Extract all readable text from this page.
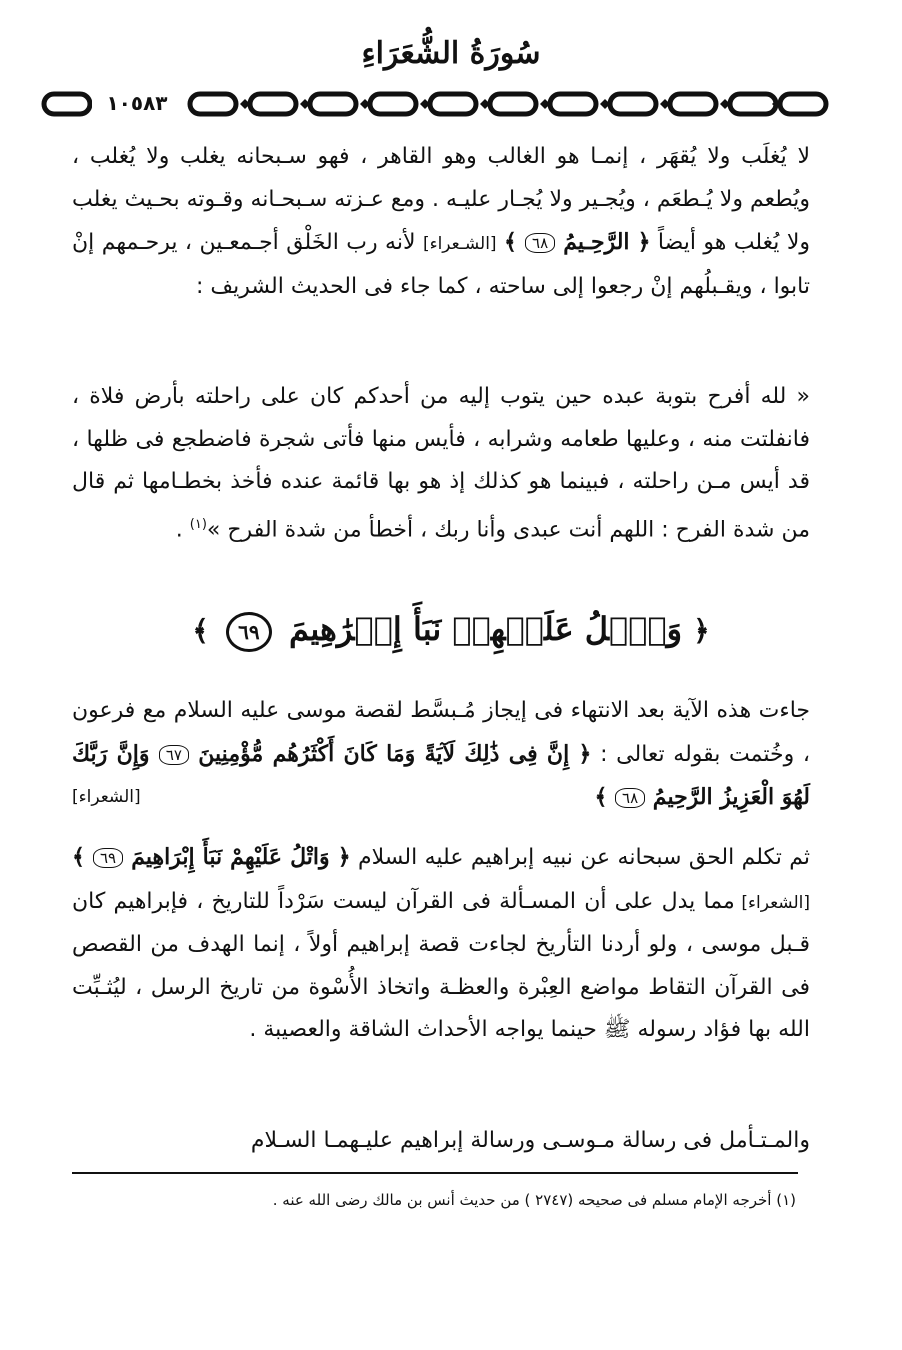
سُورَةُ الشُّعَرَاءِ
١٠٥٨٣

لا يُغلَب ولا يُقهَر ، إنمـا هو الغالب وهو القاهر ، فهو سـبحانه يغلب ولا يُغلب ، ويُطعم ولا يُـطعَم ، ويُجـير ولا يُجـار عليـه . ومع عـزته سـبحـانه وقـوته بحـيث يغلب ولا يُغلب هو أيضاً ﴿ الرَّحِـيمُ ٦٨ ﴾ [الشـعراء] لأنه رب الخَلْق أجـمعـين ، يرحـمهم إنْ تابوا ، ويقـبلُهم إنْ رجعوا إلى ساحته ، كما جاء فى الحديث الشريف :

« لله أفرح بتوبة عبده حين يتوب إليه من أحدكم كان على راحلته بأرض فلاة ، فانفلتت منه ، وعليها طعامه وشرابه ، فأيس منها فأتى شجرة فاضطجع فى ظلها ، قد أيس مـن راحلته ، فبينما هو كذلك إذ هو بها قائمة عنده فأخذ بخطـامها ثم قال من شدة الفرح : اللهم أنت عبدى وأنا ربك ، أخطأ من شدة الفرح »$^{(١)}$ .

﴿ وَٱتۡلُ عَلَيۡهِمۡ نَبَأَ إِبۡرَٰهِيمَ ٦٩ ﴾

جاءت هذه الآية بعد الانتهاء فى إيجاز مُـبسَّط لقصة موسى عليه السلام مع فرعون ، وخُتمت بقوله تعالى : ﴿ إِنَّ فِى ذَٰلِكَ لَآيَةً وَمَا كَانَ أَكْثَرُهُم مُّؤْمِنِينَ ٦٧ وَإِنَّ رَبَّكَ لَهُوَ الْعَزِيزُ الرَّحِيمُ ٦٨ ﴾
[الشعراء]

ثم تكلم الحق سبحانه عن نبيه إبراهيم عليه السلام ﴿ وَاتْلُ عَلَيْهِمْ نَبَأَ إِبْرَاهِيمَ ٦٩ ﴾ [الشعراء] مما يدل على أن المسـألة فى القرآن ليست سَرْداً للتاريخ ، فإبراهيم كان قـبل موسى ، ولو أردنا التأريخ لجاءت قصة إبراهيم أولاً ، إنما الهدف من القصص فى القرآن التقاط مواضع العِبْرة والعظـة واتخاذ الأُسْوة من تاريخ الرسل ، ليُثـبِّت الله بها فؤاد رسوله ﷺ حينما يواجه الأحداث الشاقة والعصيبة .

والمـتـأمل فى رسالة مـوسـى ورسالة إبراهيم عليـهمـا السـلام

(١) أخرجه الإمام مسلم فى صحيحه (٢٧٤٧ ) من حديث أنس بن مالك رضى الله عنه .
